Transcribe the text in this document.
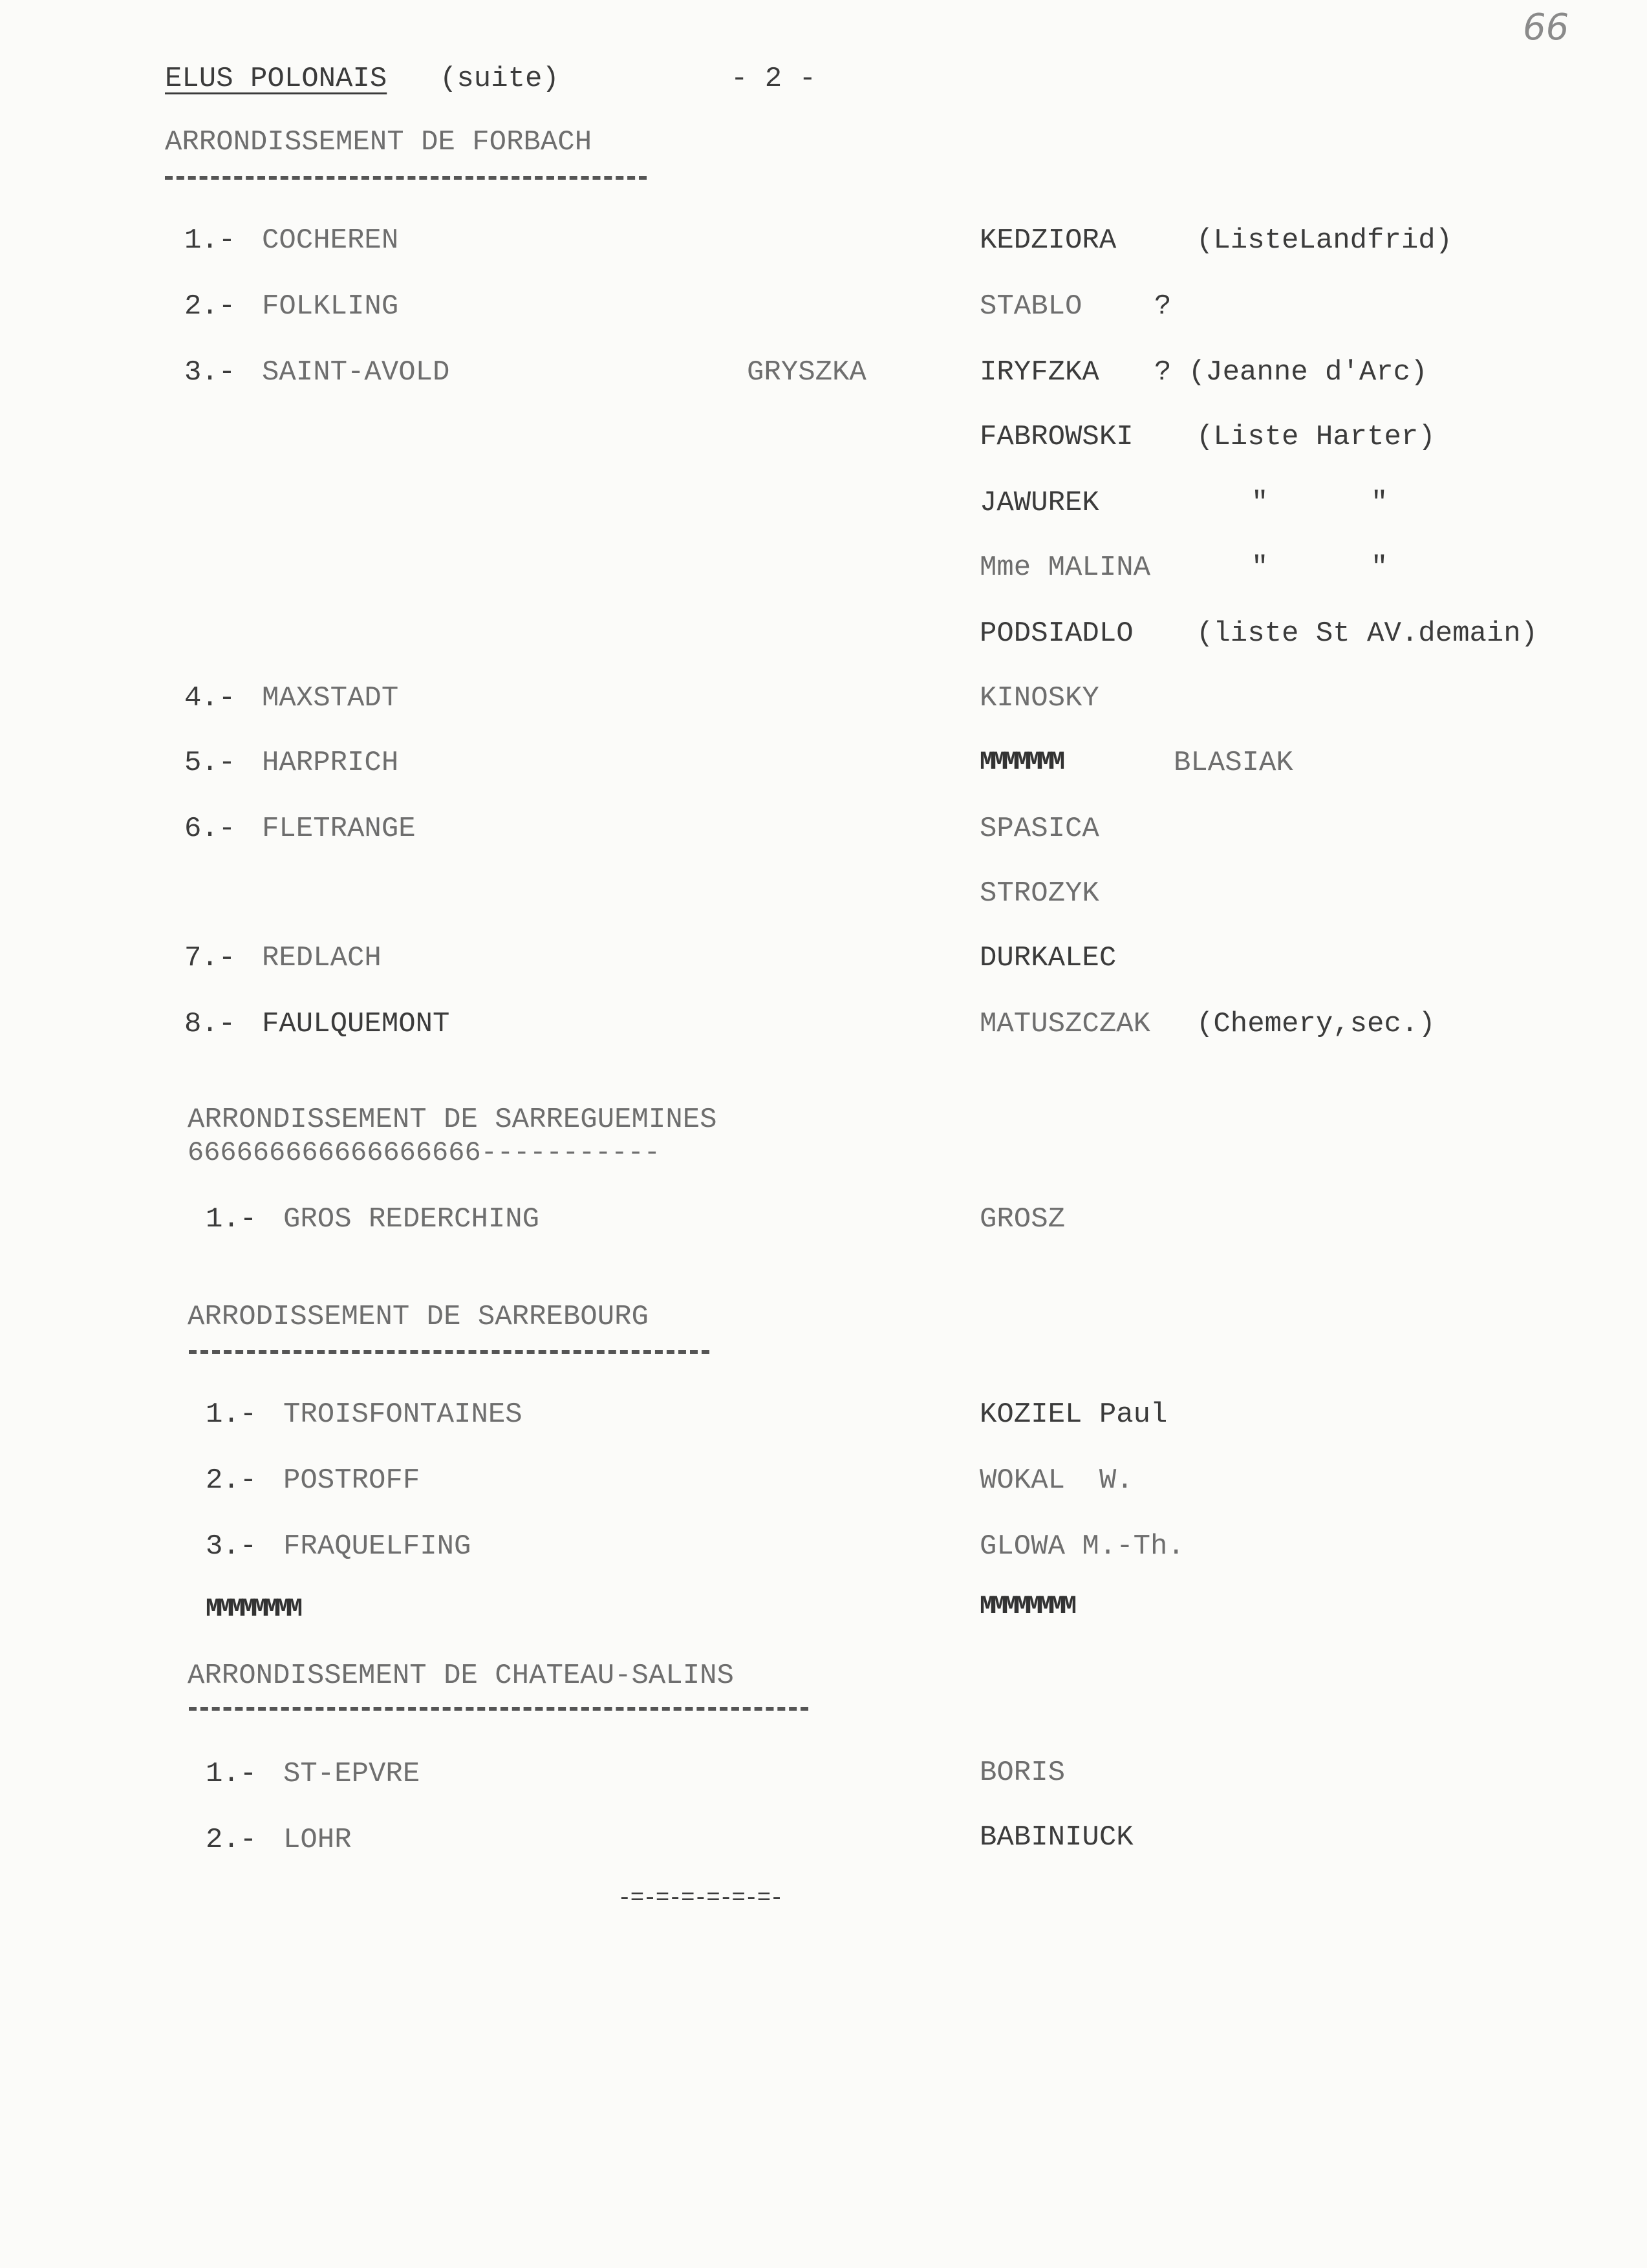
66
ELUS POLONAIS (suite)	- 2 -
ARRONDISSEMENT DE FORBACH
1.- COCHEREN	KEDZIORA	(ListeLandfrid)
2.- FOLKLING	STABLO	?
3.- SAINT-AVOLD	GRYSZKA	IRYFZKA ? (Jeanne d'Arc)
FABROWSKI (Liste Harter)
JAWUREK	"      "
Mme MALINA	"      "
PODSIADLO (liste St AV.demain)
4.- MAXSTADT	KINOSKY
5.- HARPRICH	MMMMMMM	BLASIAK
6.- FLETRANGE	SPASICA
STROZYK
7.- REDLACH	DURKALEC
8.- FAULQUEMONT	MATUSZCZAK (Chemery,sec.)
ARRONDISSEMENT DE SARREGUEMINES
666666666666666666-----------
1.- GROS REDERCHING	GROSZ
ARRODISSEMENT DE SARREBOURG
1.- TROISFONTAINES	KOZIEL Paul
2.- POSTROFF	WOKAL  W.
3.- FRAQUELFING	GLOWA M.-Th.
MMMMMMMM	MMMMMMMM
ARRONDISSEMENT DE CHATEAU-SALINS
1.- ST-EPVRE	BORIS
2.- LOHR	BABINIUCK
-=-=-=-=-=-=-
